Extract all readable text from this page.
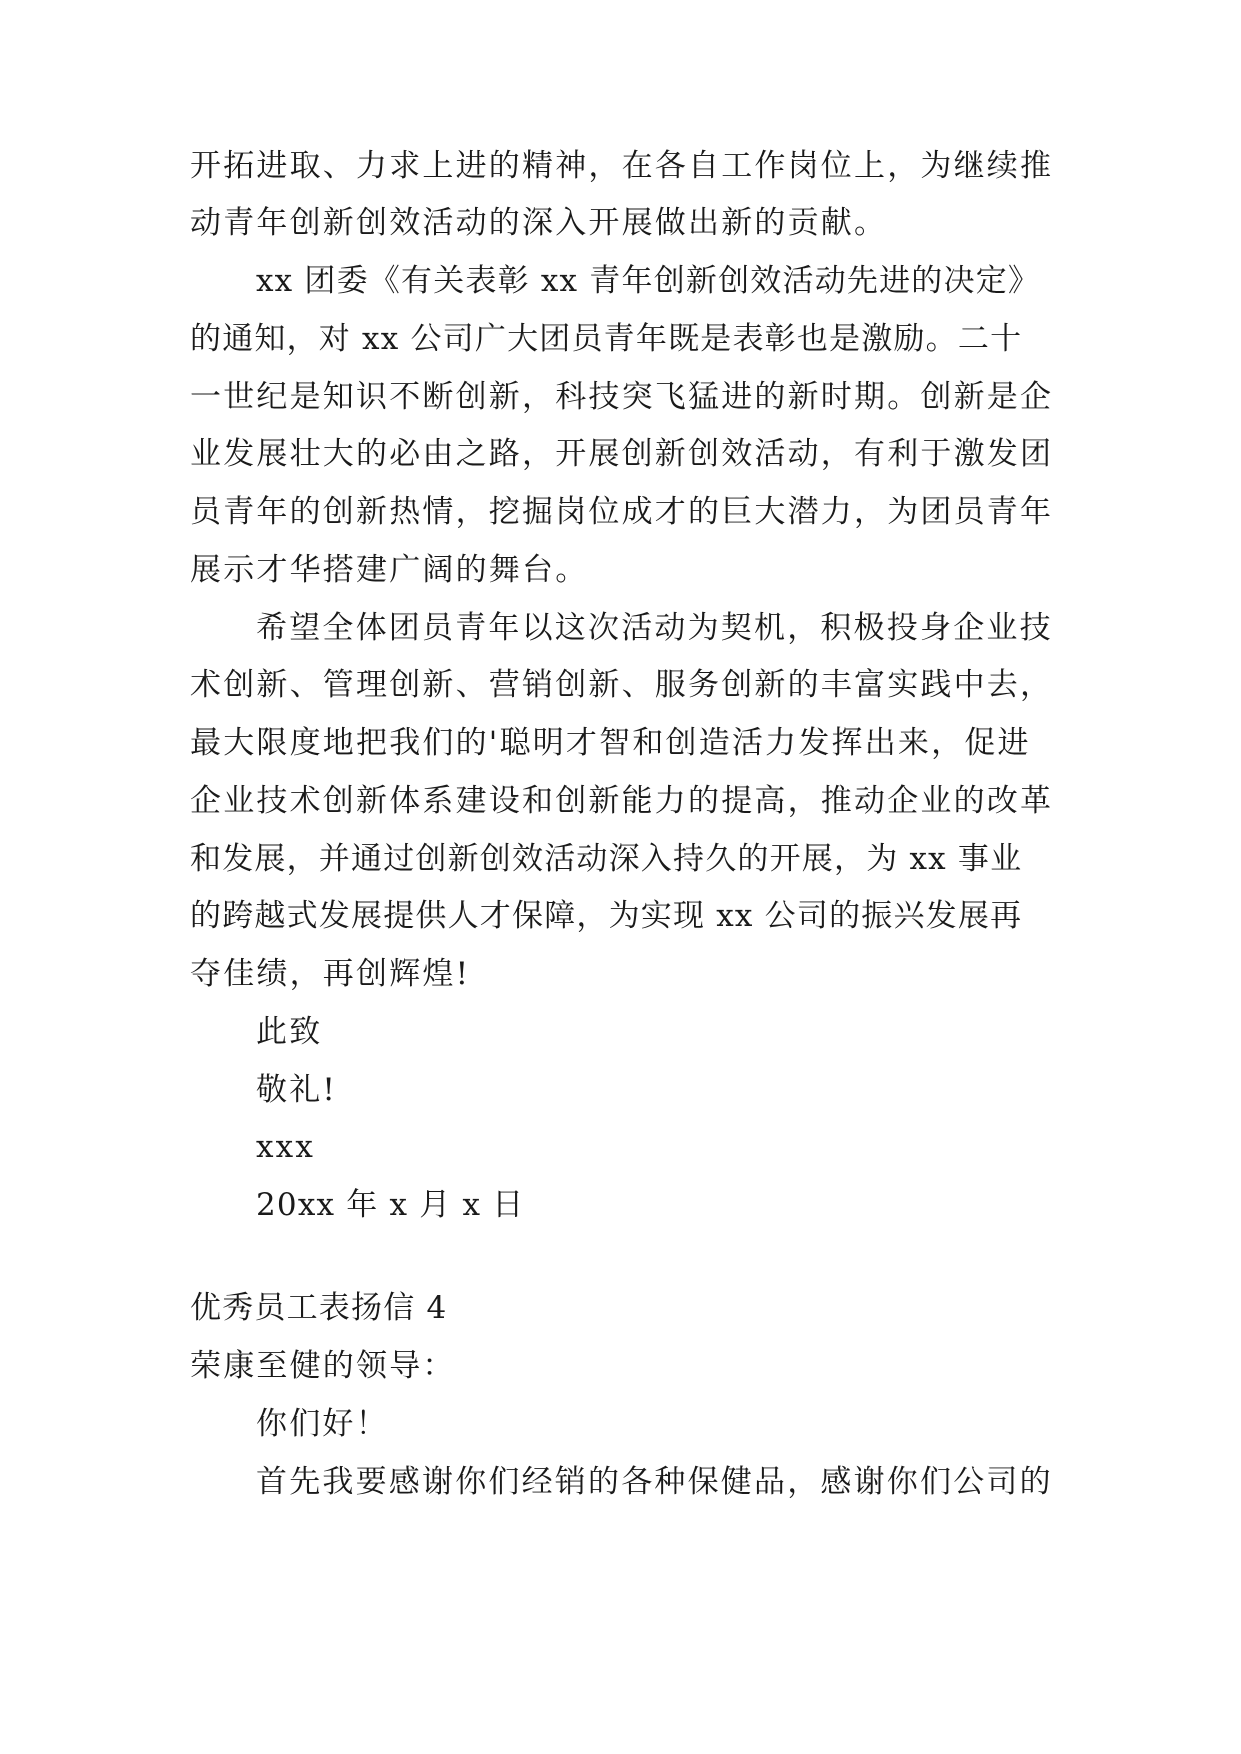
开拓进取、力求上进的精神，在各自工作岗位上，为继续推
动青年创新创效活动的深入开展做出新的贡献。
xx 团委《有关表彰 xx 青年创新创效活动先进的决定》
的通知，对 xx 公司广大团员青年既是表彰也是激励。二十
一世纪是知识不断创新，科技突飞猛进的新时期。创新是企
业发展壮大的必由之路，开展创新创效活动，有利于激发团
员青年的创新热情，挖掘岗位成才的巨大潜力，为团员青年
展示才华搭建广阔的舞台。
希望全体团员青年以这次活动为契机，积极投身企业技
术创新、管理创新、营销创新、服务创新的丰富实践中去，
最大限度地把我们的'聪明才智和创造活力发挥出来，促进
企业技术创新体系建设和创新能力的提高，推动企业的改革
和发展，并通过创新创效活动深入持久的开展，为 xx 事业
的跨越式发展提供人才保障，为实现 xx 公司的振兴发展再
夺佳绩，再创辉煌!
此致
敬礼!
xxx
20xx 年 x 月 x 日
优秀员工表扬信 4
荣康至健的领导：
你们好！
首先我要感谢你们经销的各种保健品，感谢你们公司的
